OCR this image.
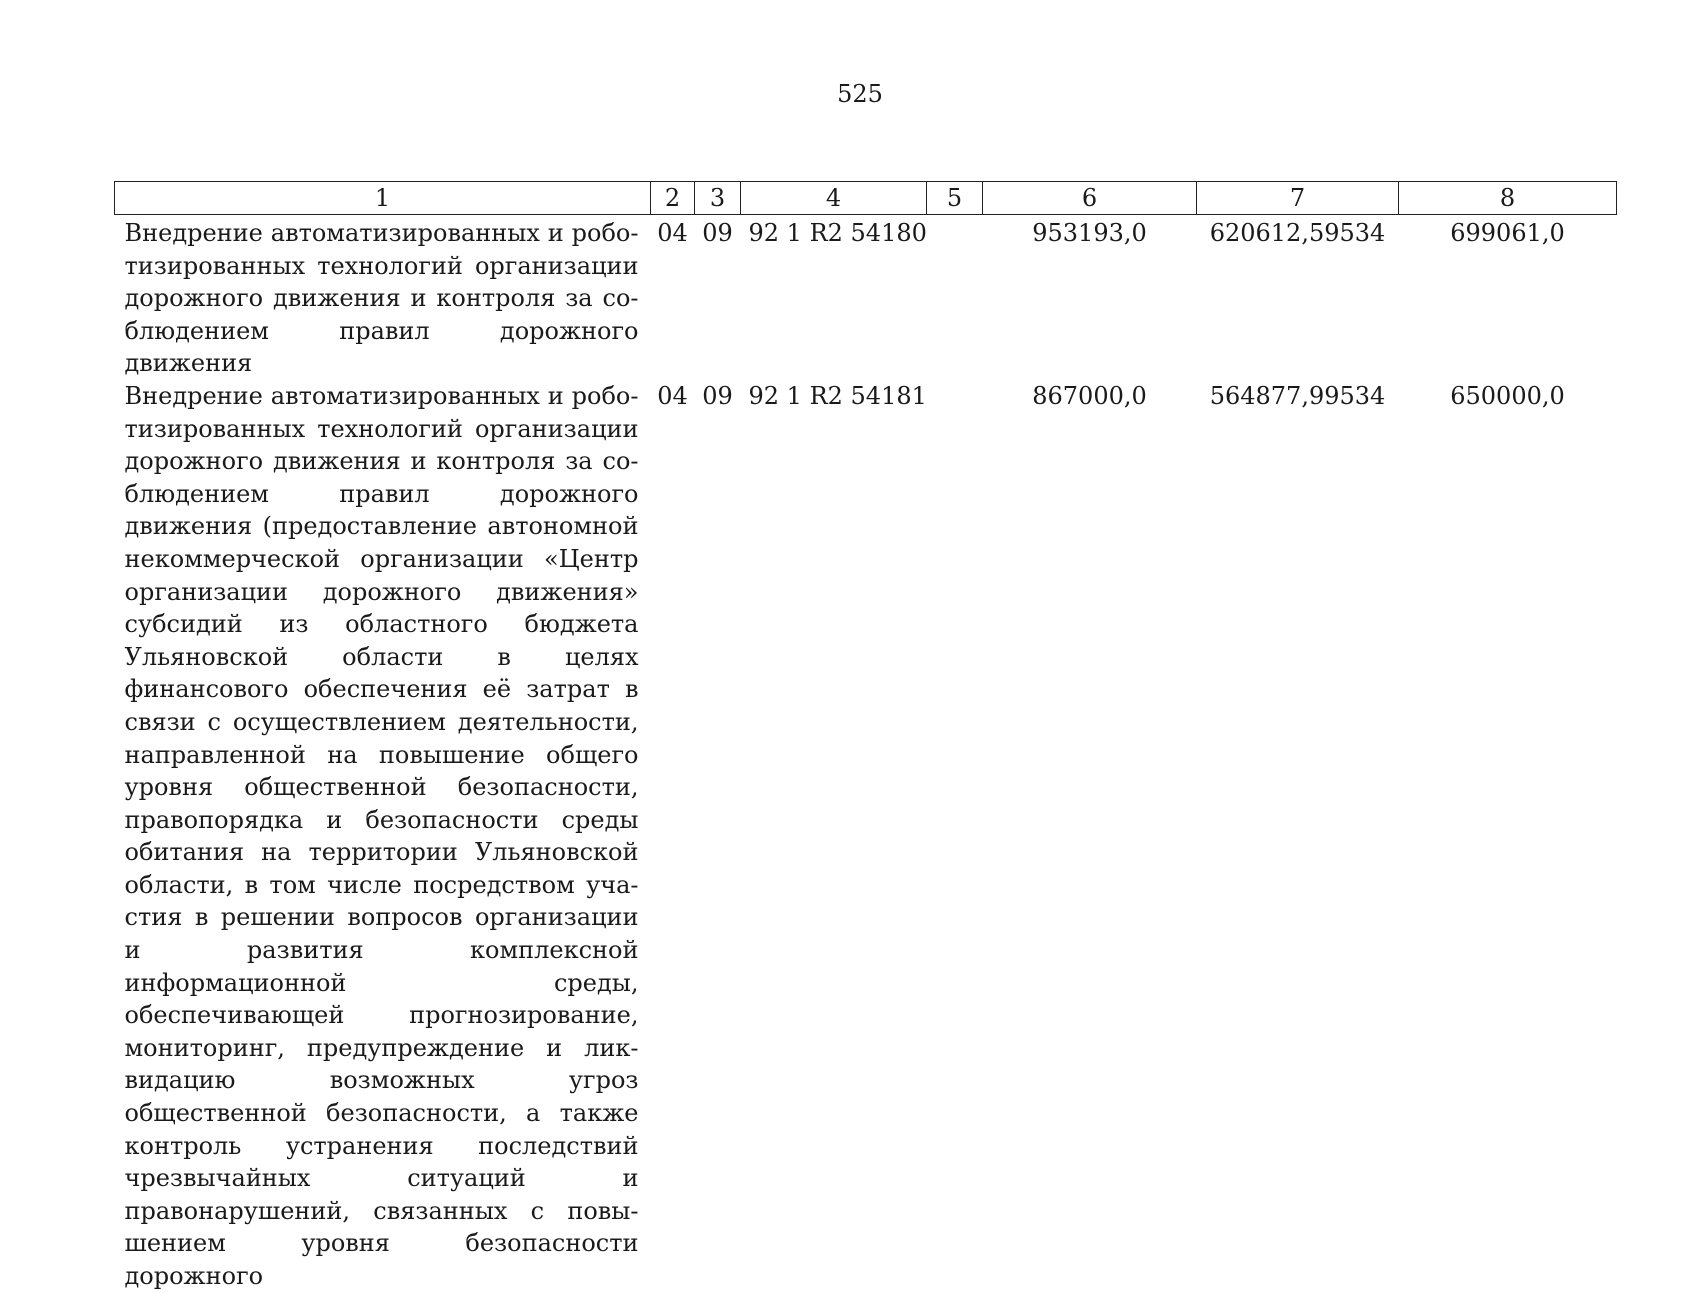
525
1	2	3	4	5	6	7	8
Внедрение автоматизированных и роботизированных технологий организации дорожного движения и контроля за соблюдением правил дорожного движения	04	09	92 1 R2 54180		953193,0	620612,59534	699061,0
Внедрение автоматизированных и роботизированных технологий организации дорожного движения и контроля за соблюдением правил дорожного движения (предоставление автономной некоммерческой организации «Центр организации дорожного движения» субсидий из областного бюджета Ульяновской области в целях финансового обеспечения её затрат в связи с осуществлением деятельности, направленной на повышение общего уровня общественной безопасности, правопорядка и безопасности среды обитания на территории Ульяновской области, в том числе посредством участия в решении вопросов организации и развития комплексной информационной среды, обеспечивающей прогнозирование, мониторинг, предупреждение и ликвидацию возможных угроз общественной безопасности, а также контроль устранения последствий чрезвычайных ситуаций и правонарушений, связанных с повышением уровня безопасности дорожного	04	09	92 1 R2 54181		867000,0	564877,99534	650000,0
